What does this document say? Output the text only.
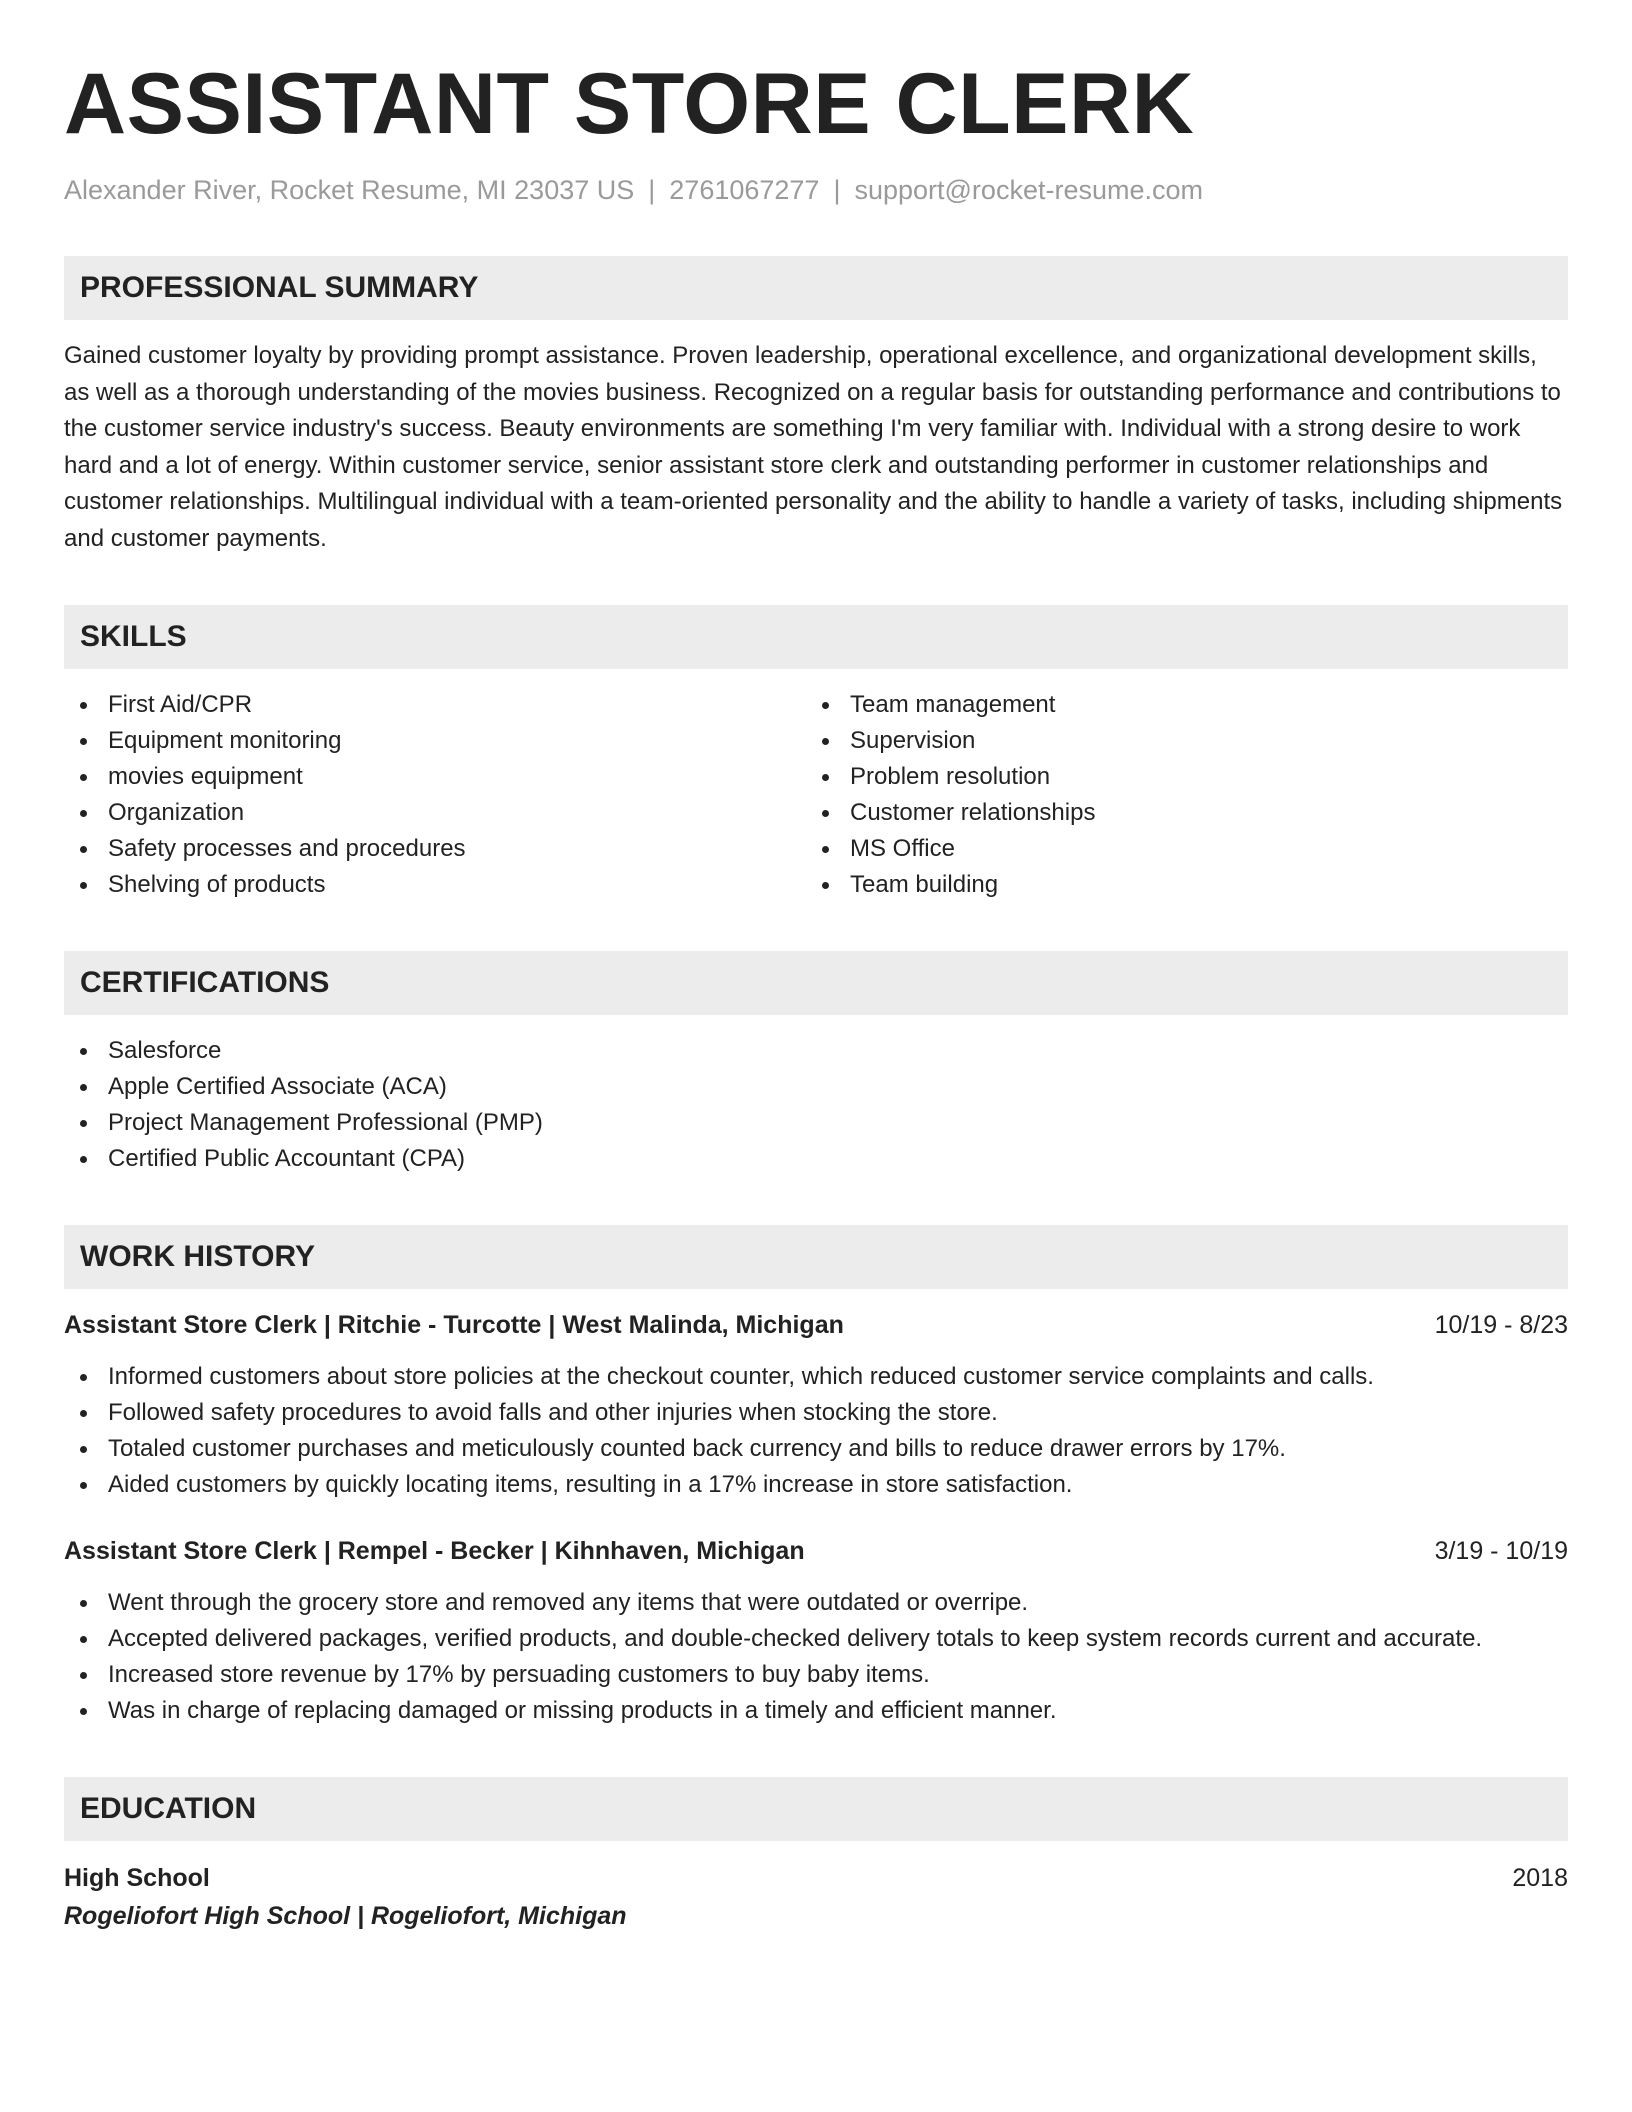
ASSISTANT STORE CLERK
Alexander River, Rocket Resume, MI 23037 US | 2761067277 | support@rocket-resume.com
PROFESSIONAL SUMMARY

Gained customer loyalty by providing prompt assistance. Proven leadership, operational excellence, and organizational development skills, as well as a thorough understanding of the movies business. Recognized on a regular basis for outstanding performance and contributions to the customer service industry's success. Beauty environments are something I'm very familiar with. Individual with a strong desire to work hard and a lot of energy. Within customer service, senior assistant store clerk and outstanding performer in customer relationships and customer relationships. Multilingual individual with a team-oriented personality and the ability to handle a variety of tasks, including shipments and customer payments.

SKILLS
First Aid/CPR
Equipment monitoring
movies equipment
Organization
Safety processes and procedures
Shelving of products
Team management
Supervision
Problem resolution
Customer relationships
MS Office
Team building
CERTIFICATIONS
Salesforce
Apple Certified Associate (ACA)
Project Management Professional (PMP)
Certified Public Accountant (CPA)
WORK HISTORY
Assistant Store Clerk | Ritchie - Turcotte | West Malinda, Michigan	10/19 - 8/23
Informed customers about store policies at the checkout counter, which reduced customer service complaints and calls.
Followed safety procedures to avoid falls and other injuries when stocking the store.
Totaled customer purchases and meticulously counted back currency and bills to reduce drawer errors by 17%.
Aided customers by quickly locating items, resulting in a 17% increase in store satisfaction.
Assistant Store Clerk | Rempel - Becker | Kihnhaven, Michigan	3/19 - 10/19
Went through the grocery store and removed any items that were outdated or overripe.
Accepted delivered packages, verified products, and double-checked delivery totals to keep system records current and accurate.
Increased store revenue by 17% by persuading customers to buy baby items.
Was in charge of replacing damaged or missing products in a timely and efficient manner.
EDUCATION
High School	2018
Rogeliofort High School | Rogeliofort, Michigan
